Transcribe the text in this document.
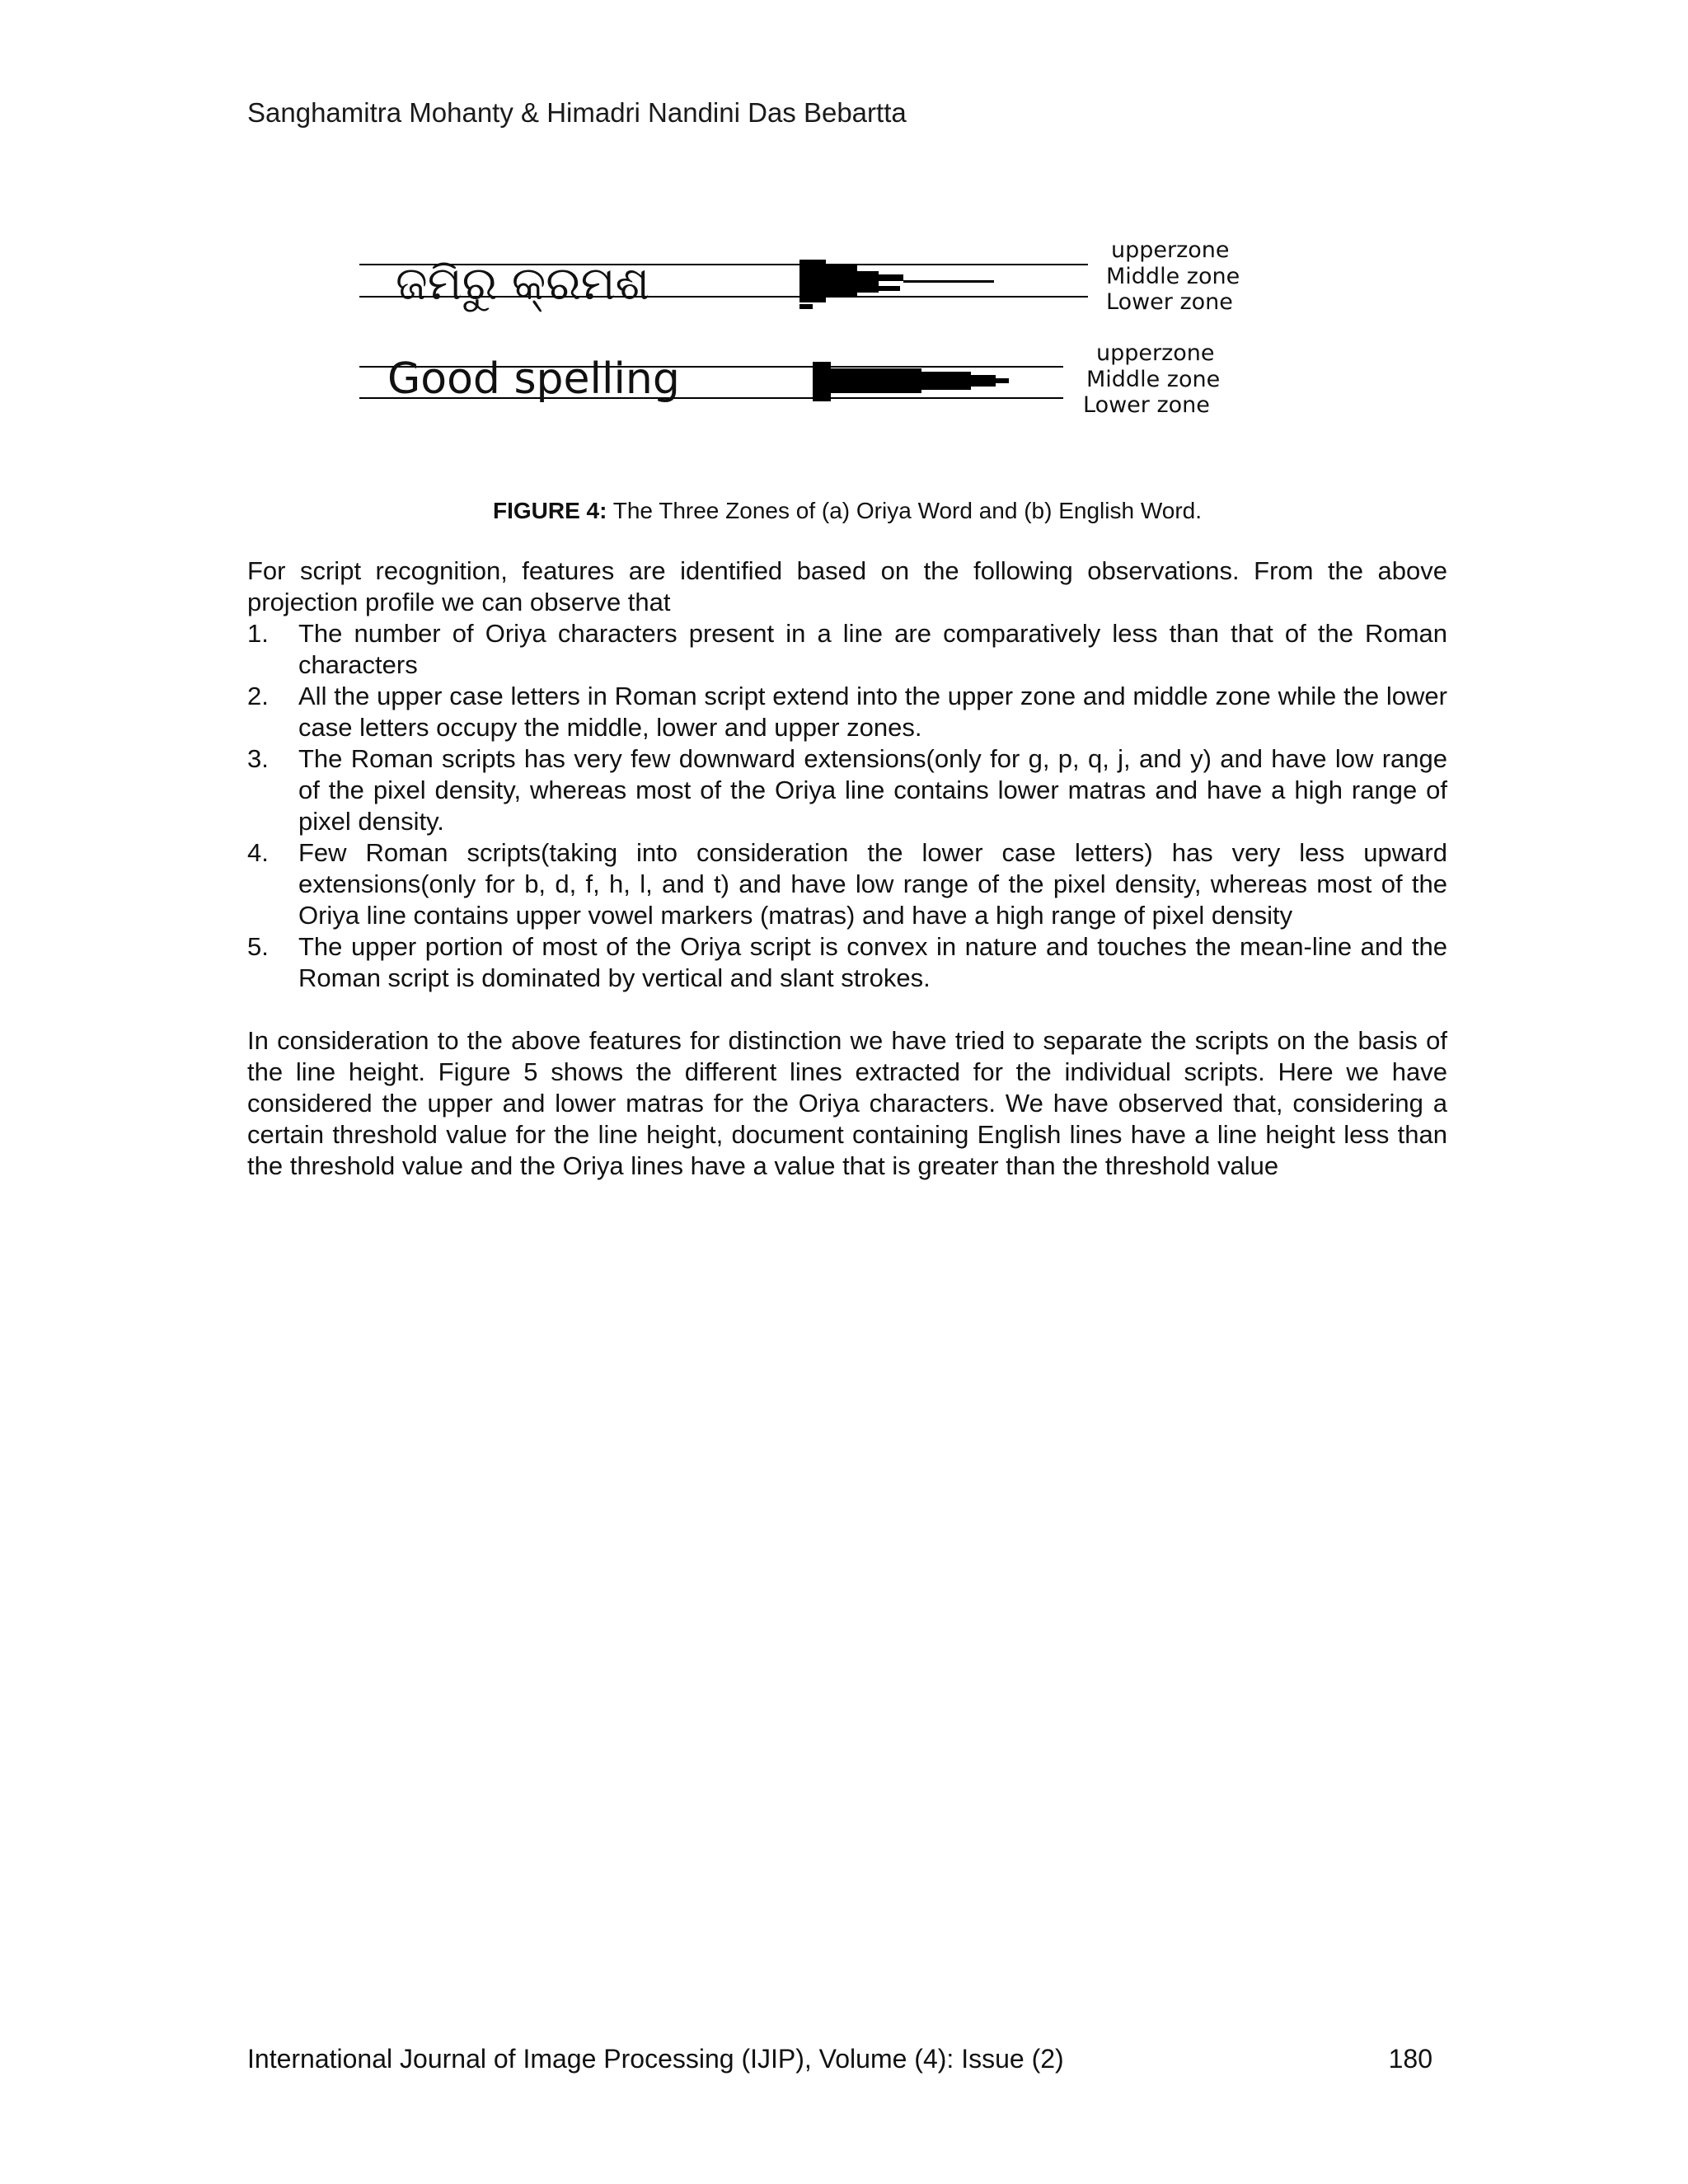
Sanghamitra Mohanty & Himadri Nandini Das Bebartta
ଜମିରୁ କ୍ରମଶ
upperzone
Middle zone
Lower zone
Good spelling
upperzone
Middle zone
Lower zone
FIGURE 4: The Three Zones of (a) Oriya Word and (b) English Word.

For script recognition, features are identified based on the following observations. From the above projection profile we can observe that

1. The number of Oriya characters present in a line are comparatively less than that of the Roman characters
2. All the upper case letters in Roman script extend into the upper zone and middle zone while the lower case letters occupy the middle, lower and upper zones.
3. The Roman scripts has very few downward extensions(only for g, p, q, j, and y) and have low range of the pixel density, whereas most of the Oriya line contains lower matras and have a high range of pixel density.
4. Few Roman scripts(taking into consideration the lower case letters) has very less upward extensions(only for b, d, f, h, l, and t) and have low range of the pixel density, whereas most of the Oriya line contains upper vowel markers (matras) and have a high range of pixel density
5. The upper portion of most of the Oriya script is convex in nature and touches the mean-line and the Roman script is dominated by vertical and slant strokes.

In consideration to the above features for distinction we have tried to separate the scripts on the basis of the line height. Figure 5 shows the different lines extracted for the individual scripts. Here we have considered the upper and lower matras for the Oriya characters. We have observed that, considering a certain threshold value for the line height, document containing English lines have a line height less than the threshold value and the Oriya lines have a value that is greater than the threshold value

International Journal of Image Processing (IJIP), Volume (4): Issue (2)	180
